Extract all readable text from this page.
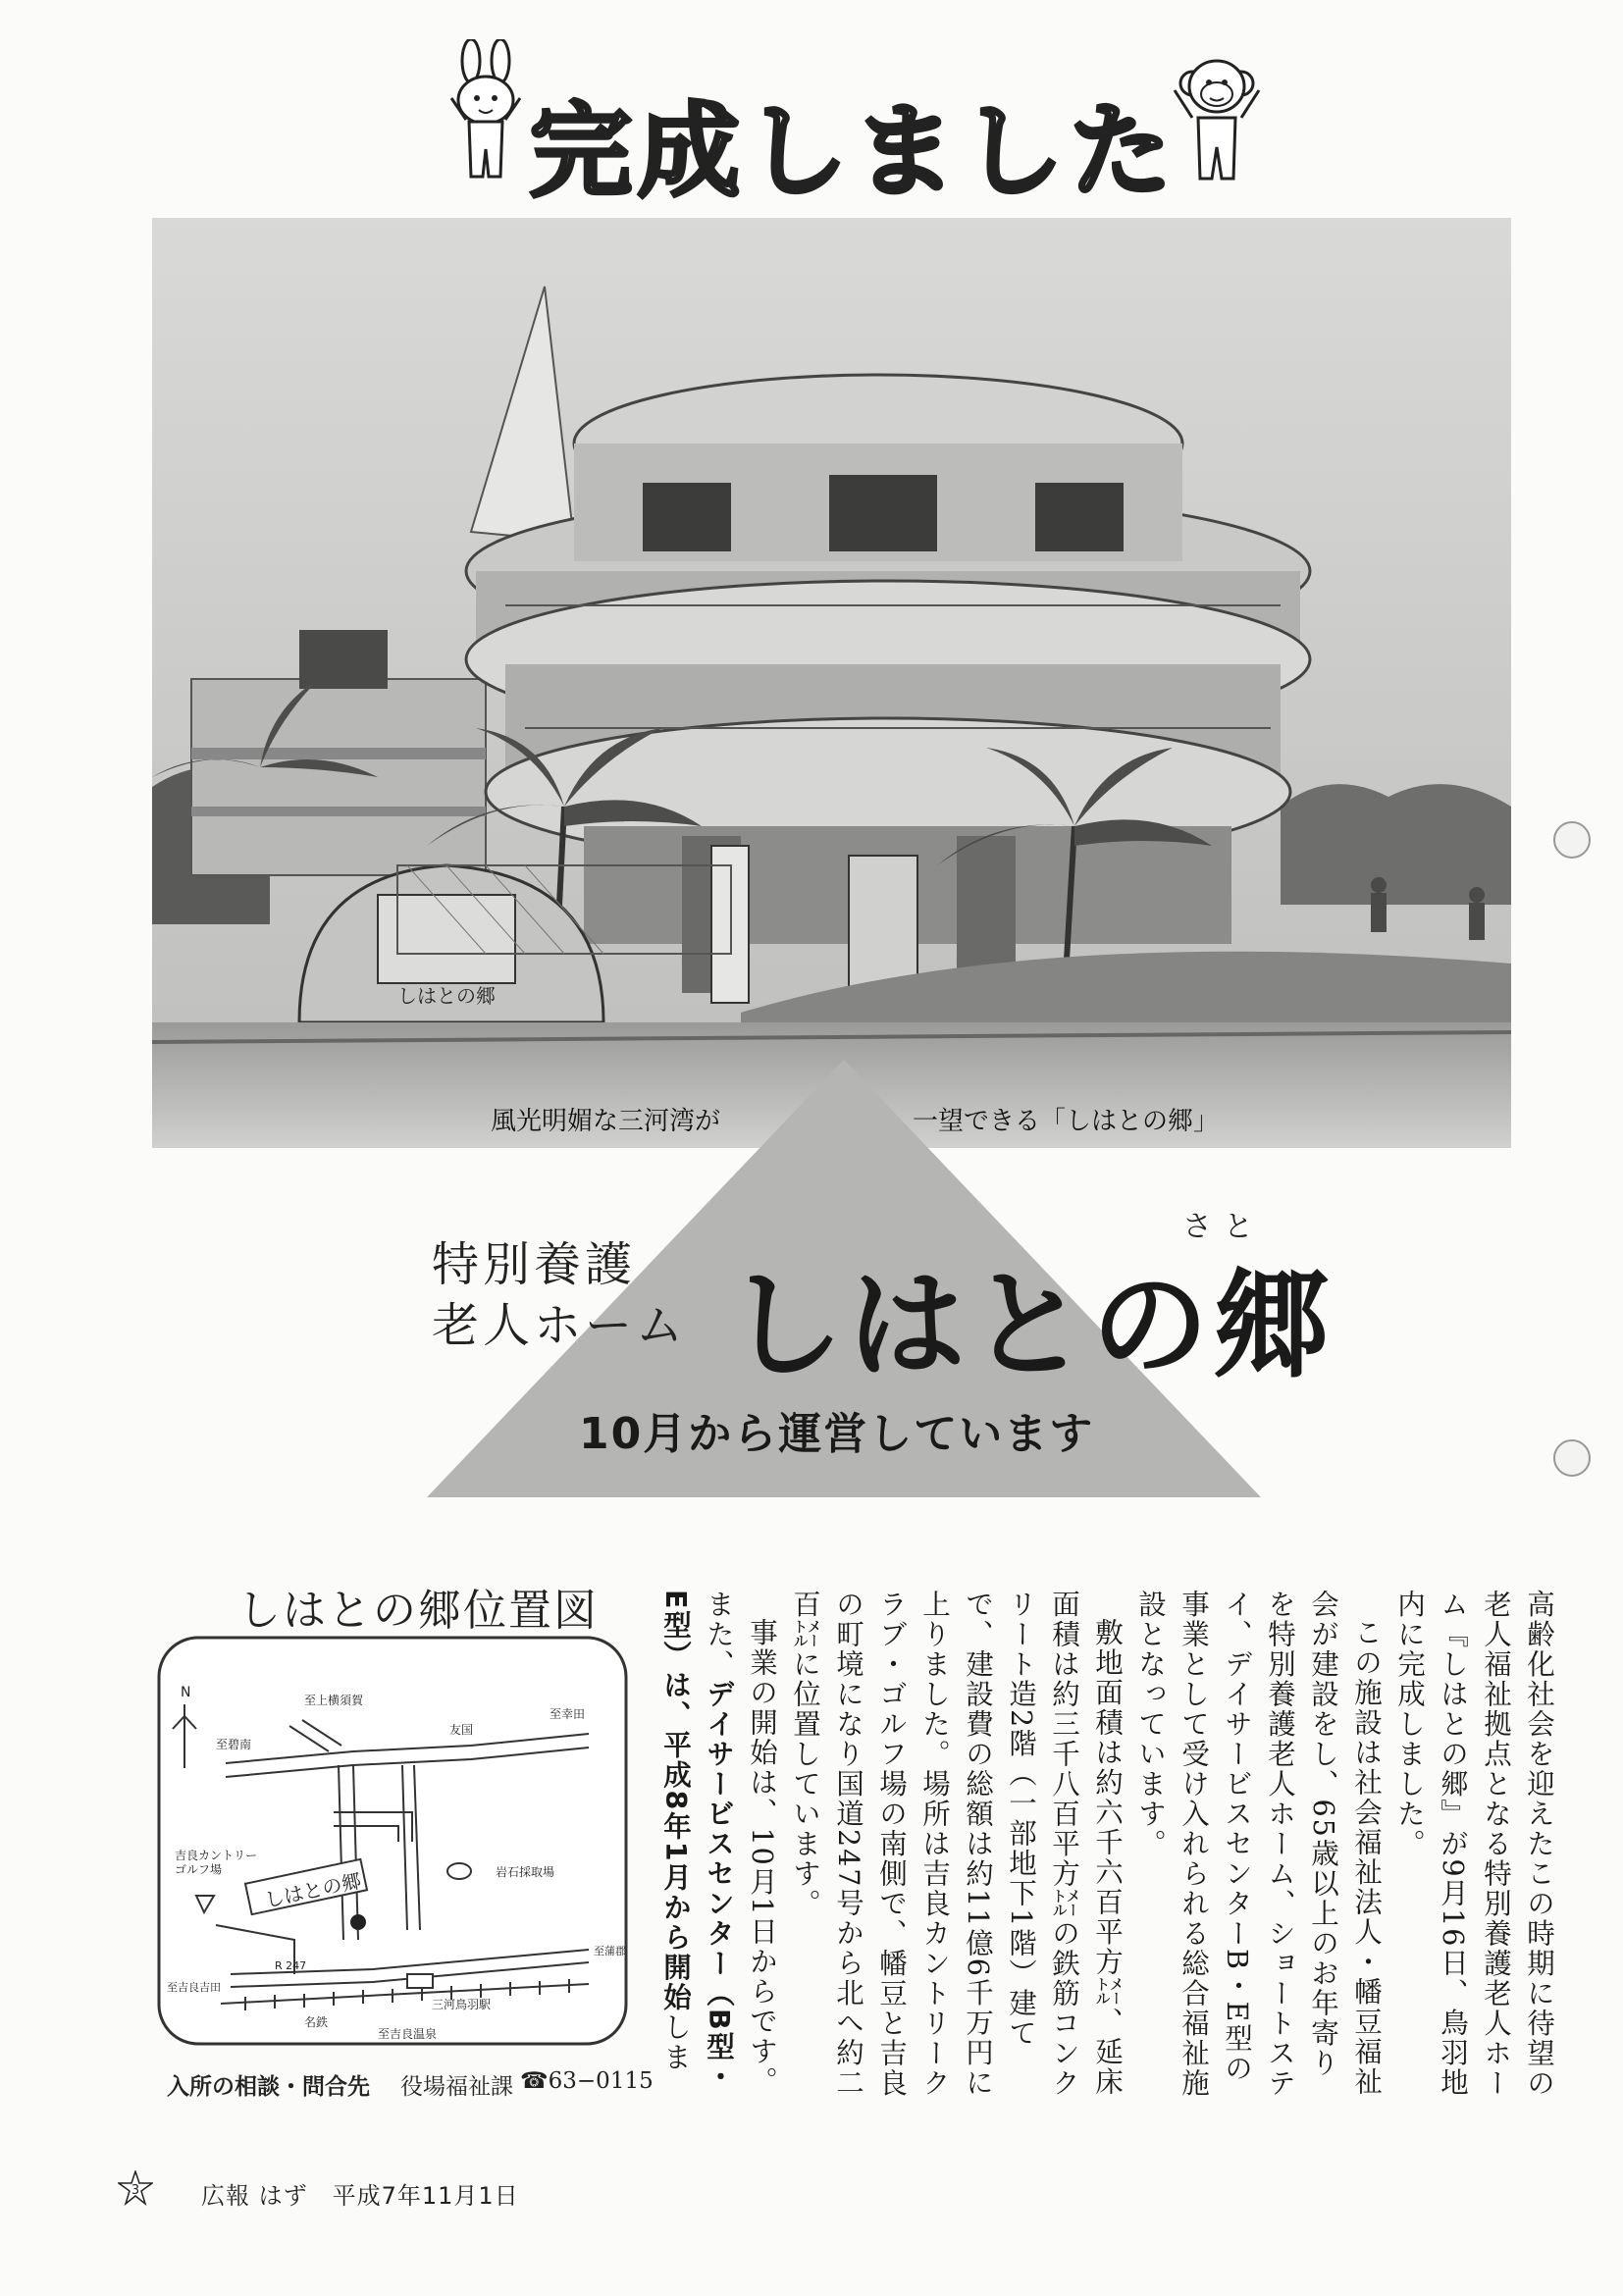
完成しました
しはとの郷
風光明媚な三河湾が	一望できる「しはとの郷」
特別養護
老人ホーム
さと
しはとの郷
10月から運営しています
しはとの郷位置図
N	至上横須賀
至幸田
至碧南
友国
吉良カントリーゴルフ場	岩石採取場
しはとの郷
R 247
至吉良吉田
至蒲郡
名鉄
三河鳥羽駅
至吉良温泉
入所の相談・問合先 役場福祉課 ☎63−0115	高齢化社会を迎えたこの時期に待望の老人福祉拠点となる特別養護老人ホーム『しはとの郷』が9月16日、鳥羽地内に完成しました。

この施設は社会福祉法人・幡豆福祉会が建設をし、65歳以上のお年寄りを特別養護老人ホーム、ショートステイ、デイサービスセンターB・E型の事業として受け入れられる総合福祉施設となっています。

敷地面積は約六千六百平方㍍、延床面積は約三千八百平方㍍の鉄筋コンクリート造2階（一部地下1階）建てで、建設費の総額は約11億6千万円に上りました。場所は吉良カントリークラブ・ゴルフ場の南側で、幡豆と吉良の町境になり国道247号から北へ約二百㍍に位置しています。

事業の開始は、10月1日からです。また、デイサービスセンター（B型・E型）は、平成8年1月から開始しま

3	広報 はず　平成7年11月1日
